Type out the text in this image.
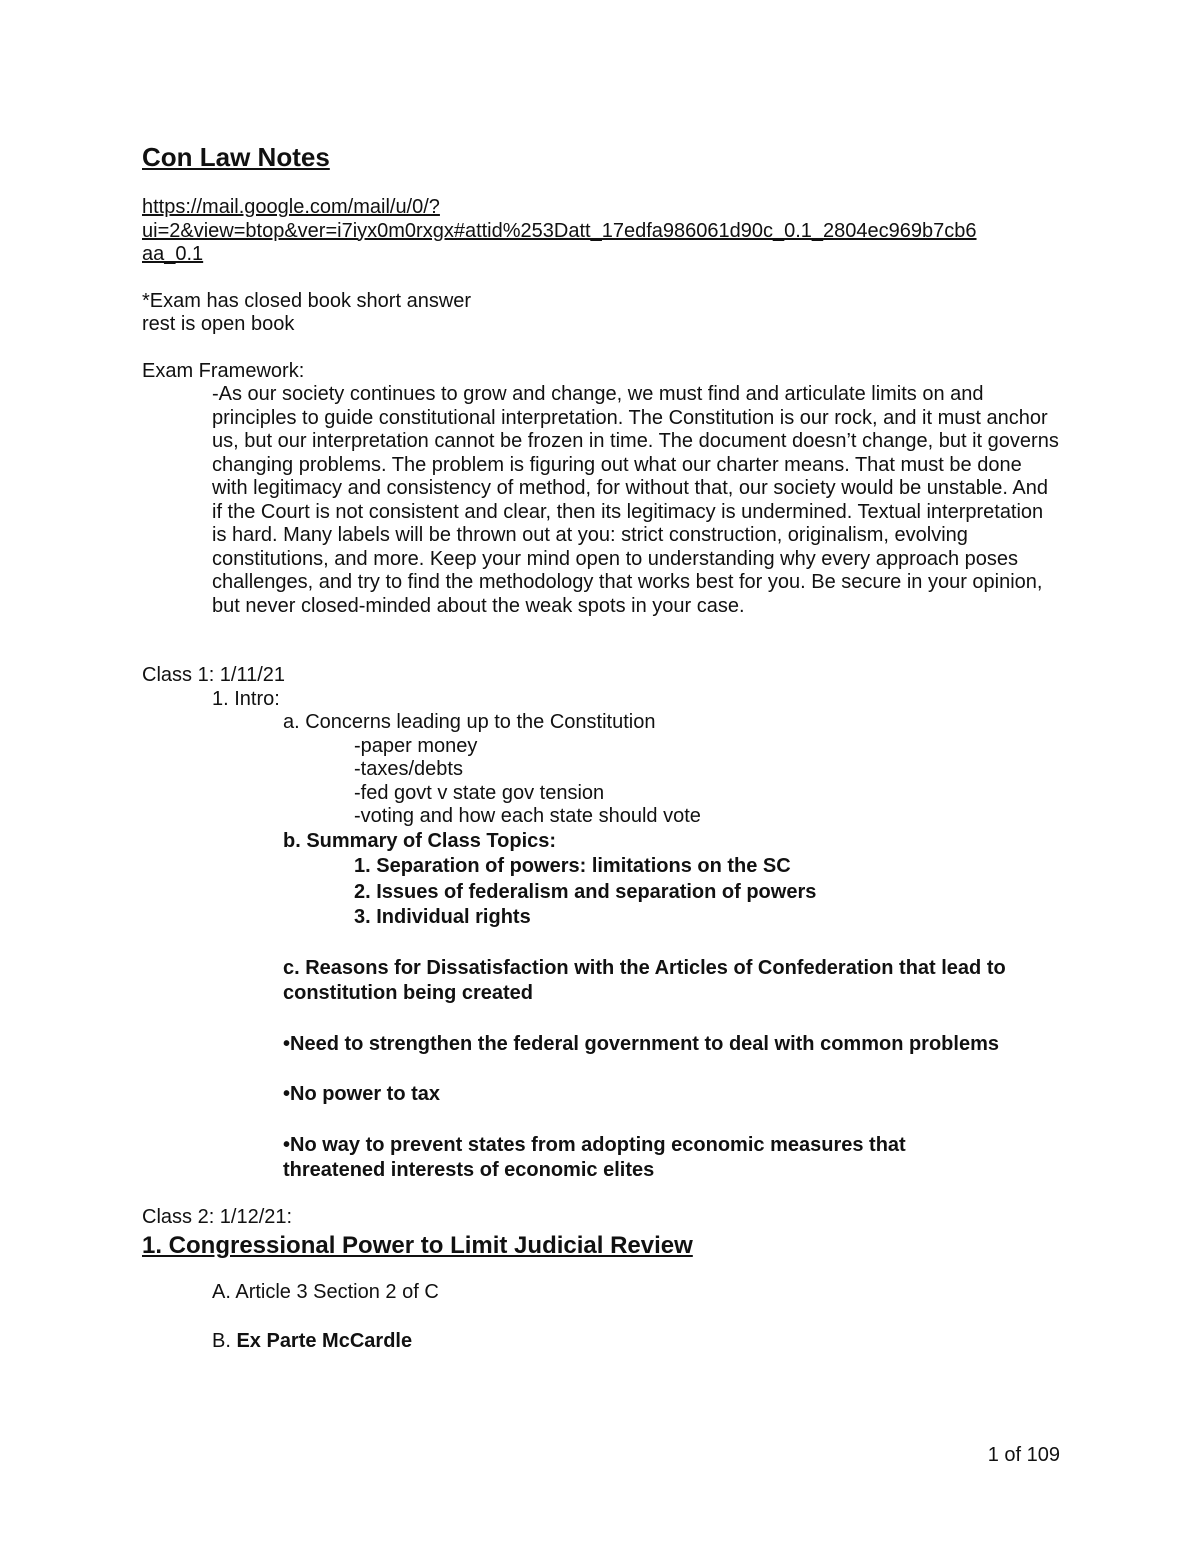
Con Law Notes
https://mail.google.com/mail/u/0/?
ui=2&view=btop&ver=i7iyx0m0rxgx#attid%253Datt_17edfa986061d90c_0.1_2804ec969b7cb6
aa_0.1
*Exam has closed book short answer
rest is open book
Exam Framework:
-As our society continues to grow and change, we must find and articulate limits on and principles to guide constitutional interpretation. The Constitution is our rock, and it must anchor us, but our interpretation cannot be frozen in time. The document doesn’t change, but it governs changing problems. The problem is figuring out what our charter means. That must be done with legitimacy and consistency of method, for without that, our society would be unstable. And if the Court is not consistent and clear, then its legitimacy is undermined. Textual interpretation is hard. Many labels will be thrown out at you: strict construction, originalism, evolving constitutions, and more. Keep your mind open to understanding why every approach poses challenges, and try to find the methodology that works best for you. Be secure in your opinion, but never closed-minded about the weak spots in your case.
Class 1: 1/11/21
1. Intro:
a. Concerns leading up to the Constitution
-paper money
-taxes/debts
-fed govt v state gov tension
-voting and how each state should vote
b. Summary of Class Topics:
1. Separation of powers: limitations on the SC
2. Issues of federalism and separation of powers
3. Individual rights
c. Reasons for Dissatisfaction with the Articles of Confederation that lead to constitution being created
•Need to strengthen the federal government to deal with common problems
•No power to tax
•No way to prevent states from adopting economic measures that threatened interests of economic elites
Class 2: 1/12/21:
1. Congressional Power to Limit Judicial Review
A. Article 3 Section 2 of C
B. Ex Parte McCardle
1 of 109
